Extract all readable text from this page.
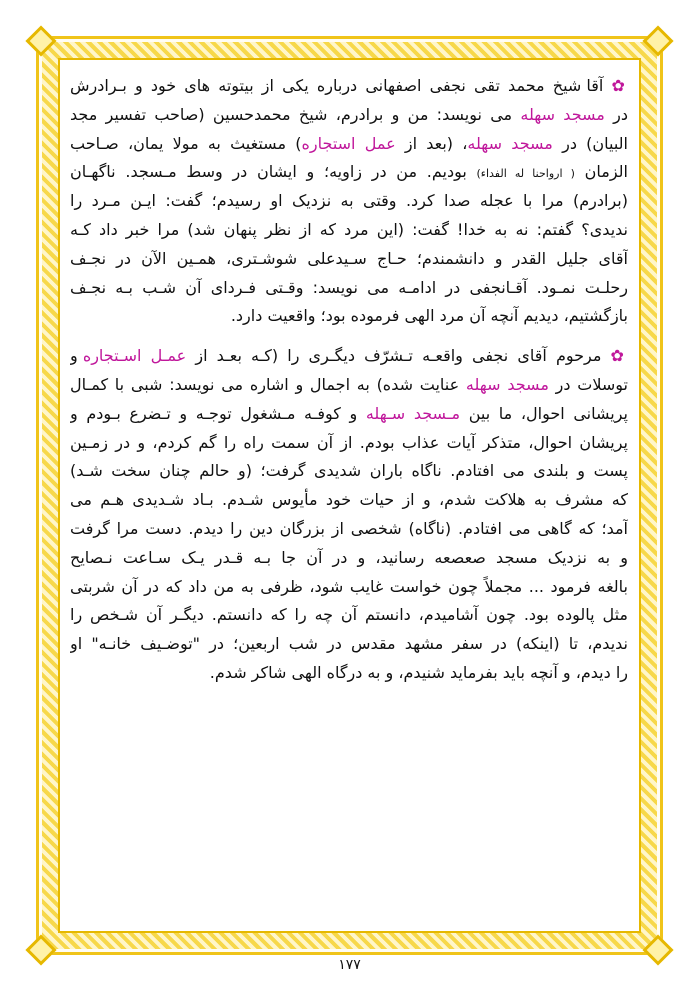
✿ آقا شیخ محمد تقی نجفی اصفهانی درباره یکی از بیتوته های خود و بـرادرش
در مسجد سهله می نویسد: من و برادرم، شیخ محمدحسین (صاحب تفسیر مجد
البیان) در مسجد سهله، (بعد از عمل استجاره) مستغیث به مولا یمان، صـاحب
الزمان ( ارواحنا له الفداء) بودیم. من در زاویه؛ و ایشان در وسط مـسجد. ناگهـان
(برادرم) مرا با عجله صدا کرد. وقتی به نزدیک او رسیدم؛ گفت: ایـن مـرد را
ندیدی؟ گفتم: نه به خدا! گفت: (این مرد که از نظر پنهان شد) مرا خبر داد کـه
آقای جلیل القدر و دانشمندم؛ حـاج سـیدعلی شوشـتری، همـین الآن در نجـف
رحلـت نمـود. آقـانجفی در ادامـه می نویسد: وقـتی فـردای آن شـب بـه نجـف
بازگشتیم، دیدیم آنچه آن مرد الهی فرموده بود؛ واقعیت دارد.
✿ مرحوم آقای نجفی واقعـه تـشرّف دیگـری را (کـه بعـد از عمـل اسـتجاره و
توسلات در مسجد سهله عنایت شده) به اجمال و اشاره می نویسد: شبی با کمـال
پریشانی احوال، ما بین مـسجد سـهله و کوفـه مـشغول توجـه و تـضرع بـودم و
پریشان احوال، متذکر آیات عذاب بودم. از آن سمت راه را گم کردم، و در زمـین
پست و بلندی می افتادم. ناگاه باران شدیدی گرفت؛ (و حالم چنان سخت شـد)
که مشرف به هلاکت شدم، و از حیات خود مأیوس شـدم. بـاد شـدیدی هـم می
آمد؛ که گاهی می افتادم. (ناگاه) شخصی از بزرگان دین را دیدم. دست مرا گرفت
و به نزدیک مسجد صعصعه رسانید، و در آن جا بـه قـدر یـک سـاعت نـصایح
بالغه فرمود ... مجملاً چون خواست غایب شود، ظرفی به من داد که در آن شربتی
مثل پالوده بود. چون آشامیدم، دانستم آن چه را که دانستم. دیگـر آن شـخص را
ندیدم، تا (اینکه) در سفر مشهد مقدس در شب اربعین؛ در "توضـیف خانـه" او
را دیدم، و آنچه باید بفرماید شنیدم، و به درگاه الهی شاکر شدم.
۱۷۷
